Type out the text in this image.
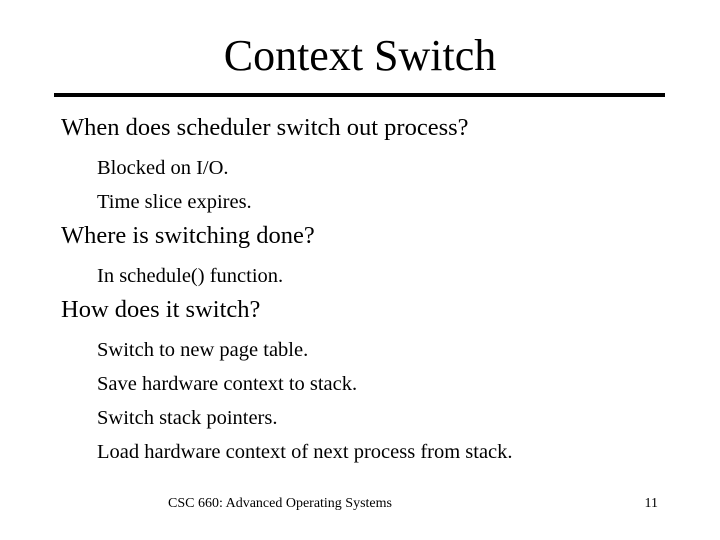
Context Switch
When does scheduler switch out process?
Blocked on I/O.
Time slice expires.
Where is switching done?
In schedule() function.
How does it switch?
Switch to new page table.
Save hardware context to stack.
Switch stack pointers.
Load hardware context of next process from stack.
CSC 660: Advanced Operating Systems	11
